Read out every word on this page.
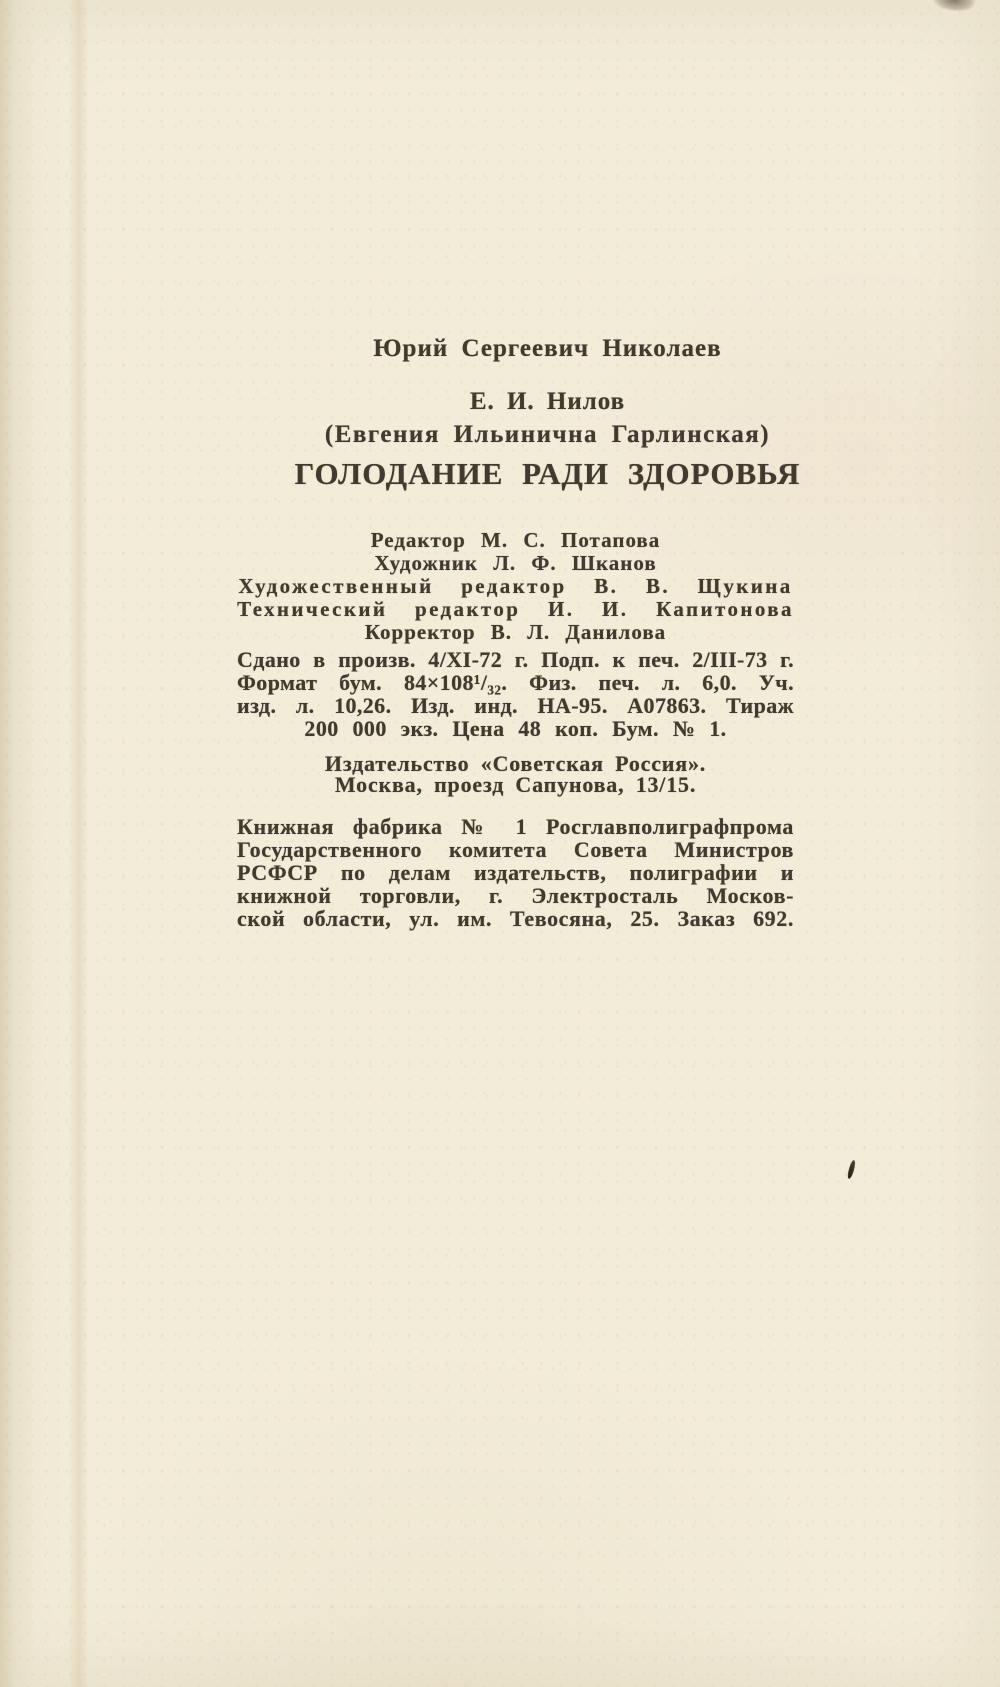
Юрий Сергеевич Николаев
Е. И. Нилов
(Евгения Ильинична Гарлинская)
ГОЛОДАНИЕ РАДИ ЗДОРОВЬЯ
Редактор М. С. Потапова
Художник Л. Ф. Шканов
Художественный редактор В. В. Щукина
Технический редактор И. И. Капитонова
Корректор В. Л. Данилова
Сдано в произв. 4/XI-72 г. Подп. к печ. 2/III-73 г.
Формат бум. 84×108¹/₃₂. Физ. печ. л. 6,0. Уч.
изд. л. 10,26. Изд. инд. НА-95. А07863. Тираж
200 000 экз. Цена 48 коп. Бум. № 1.
Издательство «Советская Россия».
Москва, проезд Сапунова, 13/15.
Книжная фабрика № 1 Росглавполиграфпрома
Государственного комитета Совета Министров
РСФСР по делам издательств, полиграфии и
книжной торговли, г. Электросталь Москов-
ской области, ул. им. Тевосяна, 25. Заказ 692.
